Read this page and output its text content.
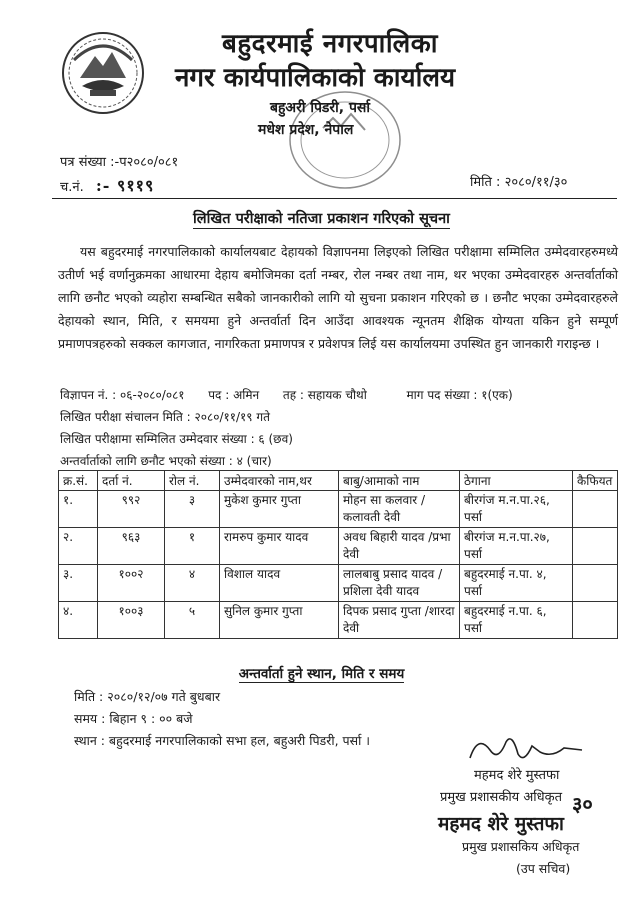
बहुदरमाई नगरपालिका
नगर कार्यपालिकाको कार्यालय
बहुअरी पिडरी, पर्सा
मधेश प्रदेश, नेपाल
पत्र संख्या :-प२०८०/०८१
च.नं. :- ९११९	मिति : २०८०/११/३०
लिखित परीक्षाको नतिजा प्रकाशन गरिएको सूचना
यस बहुदरमाई नगरपालिकाको कार्यालयबाट देहायको विज्ञापनमा लिइएको लिखित परीक्षामा सम्मिलित उम्मेदवारहरुमध्ये उतीर्ण भई वर्णानुक्रमका आधारमा देहाय बमोजिमका दर्ता नम्बर, रोल नम्बर तथा नाम, थर भएका उम्मेदवारहरु अन्तर्वार्ताको लागि छनौट भएको व्यहोरा सम्बन्धित सबैको जानकारीको लागि यो सुचना प्रकाशन गरिएको छ । छनौट भएका उम्मेदवारहरुले देहायको स्थान, मिति, र समयमा हुने अन्तर्वार्ता दिन आउँदा आवश्यक न्यूनतम शैक्षिक योग्यता यकिन हुने सम्पूर्ण प्रमाणपत्रहरुको सक्कल कागजात, नागरिकता प्रमाणपत्र र प्रवेशपत्र लिई यस कार्यालयमा उपस्थित हुन जानकारी गराइन्छ ।
विज्ञापन नं. : ०६-२०८०/०८१ पद : अमिन तह : सहायक चौथो	माग पद संख्या : १(एक)
लिखित परीक्षा संचालन मिति : २०८०/११/१९ गते
लिखित परीक्षामा सम्मिलित उम्मेदवार संख्या : ६ (छव)
अन्तर्वार्ताको लागि छनौट भएको संख्या : ४ (चार)
क्र.सं.	दर्ता नं.	रोल नं.	उम्मेदवारको नाम,थर	बाबु/आमाको नाम	ठेगाना	कैफियत
१.	९९२	३	मुकेश कुमार गुप्ता	मोहन सा कलवार /कलावती देवी	बीरगंज म.न.पा.२६, पर्सा	
२.	९६३	१	रामरुप कुमार यादव	अवध बिहारी यादव /प्रभा देवी	बीरगंज म.न.पा.२७, पर्सा	
३.	१००२	४	विशाल यादव	लालबाबु प्रसाद यादव /प्रशिला देवी यादव	बहुदरमाई न.पा. ४, पर्सा	
४.	१००३	५	सुनिल कुमार गुप्ता	दिपक प्रसाद गुप्ता /शारदा देवी	बहुदरमाई न.पा. ६, पर्सा	
अन्तर्वार्ता हुने स्थान, मिति र समय
मिति : २०८०/१२/०७ गते बुधबार
समय : बिहान ९ : ०० बजे
स्थान : बहुदरमाई नगरपालिकाको सभा हल, बहुअरी पिडरी, पर्सा ।
महमद शेरे मुस्तफा
प्रमुख प्रशासकीय अधिकृत ३०
महमद शेरे मुस्तफा
प्रमुख प्रशासकिय अधिकृत
(उप सचिव)
